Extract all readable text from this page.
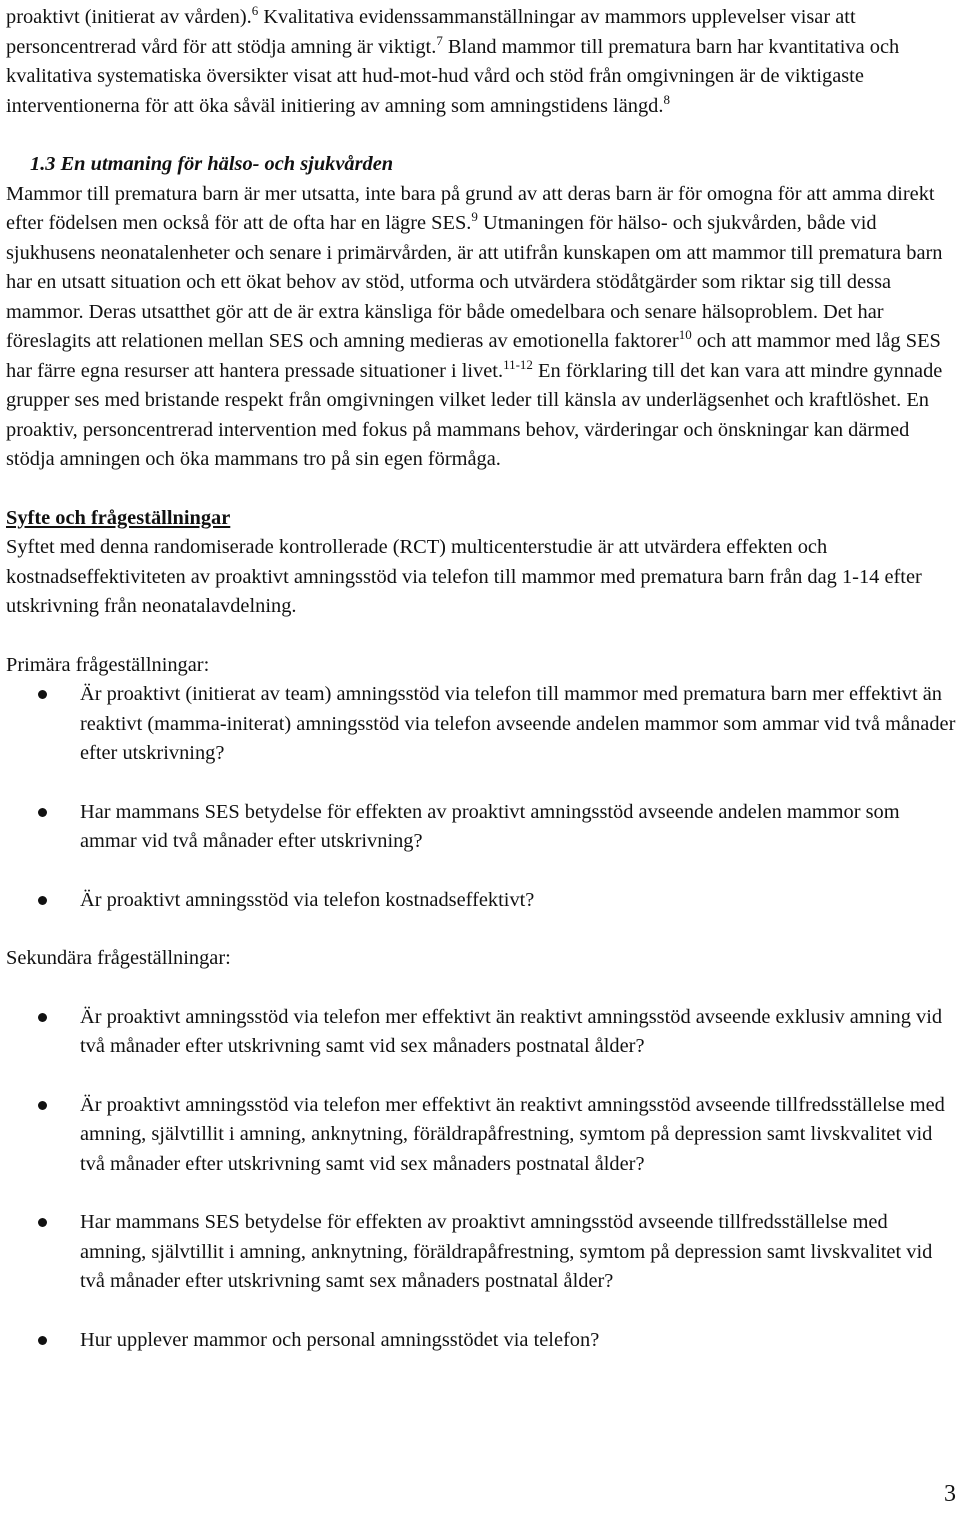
proaktivt (initierat av vården).$^6$ Kvalitativa evidenssammanställningar av mammors upplevelser visar att personcentrerad vård för att stödja amning är viktigt.$^7$ Bland mammor till prematura barn har kvantitativa och kvalitativa systematiska översikter visat att hud-mot-hud vård och stöd från omgivningen är de viktigaste interventionerna för att öka såväl initiering av amning som amningstidens längd.$^8$

1.3 En utmaning för hälso- och sjukvården

Mammor till prematura barn är mer utsatta, inte bara på grund av att deras barn är för omogna för att amma direkt efter födelsen men också för att de ofta har en lägre SES.$^9$ Utmaningen för hälso- och sjukvården, både vid sjukhusens neonatalenheter och senare i primärvården, är att utifrån kunskapen om att mammor till prematura barn har en utsatt situation och ett ökat behov av stöd, utforma och utvärdera stödåtgärder som riktar sig till dessa mammor. Deras utsatthet gör att de är extra känsliga för både omedelbara och senare hälsoproblem. Det har föreslagits att relationen mellan SES och amning medieras av emotionella faktorer$^{10}$ och att mammor med låg SES har färre egna resurser att hantera pressade situationer i livet.$^{11-12}$ En förklaring till det kan vara att mindre gynnade grupper ses med bristande respekt från omgivningen vilket leder till känsla av underlägsenhet och kraftlöshet. En proaktiv, personcentrerad intervention med fokus på mammans behov, värderingar och önskningar kan därmed stödja amningen och öka mammans tro på sin egen förmåga.

Syfte och frågeställningar

Syftet med denna randomiserade kontrollerade (RCT) multicenterstudie är att utvärdera effekten och kostnadseffektiviteten av proaktivt amningsstöd via telefon till mammor med prematura barn från dag 1-14 efter utskrivning från neonatalavdelning.

Primära frågeställningar:

Är proaktivt (initierat av team) amningsstöd via telefon till mammor med prematura barn mer effektivt än reaktivt (mamma-initerat) amningsstöd via telefon avseende andelen mammor som ammar vid två månader efter utskrivning?
Har mammans SES betydelse för effekten av proaktivt amningsstöd avseende andelen mammor som ammar vid två månader efter utskrivning?
Är proaktivt amningsstöd via telefon kostnadseffektivt?

Sekundära frågeställningar:

Är proaktivt amningsstöd via telefon mer effektivt än reaktivt amningsstöd avseende exklusiv amning vid två månader efter utskrivning samt vid sex månaders postnatal ålder?
Är proaktivt amningsstöd via telefon mer effektivt än reaktivt amningsstöd avseende tillfredsställelse med amning, självtillit i amning, anknytning, föräldrapåfrestning, symtom på depression samt livskvalitet vid två månader efter utskrivning samt vid sex månaders postnatal ålder?
Har mammans SES betydelse för effekten av proaktivt amningsstöd avseende tillfredsställelse med amning, självtillit i amning, anknytning, föräldrapåfrestning, symtom på depression samt livskvalitet vid två månader efter utskrivning samt sex månaders postnatal ålder?
Hur upplever mammor och personal amningsstödet via telefon?
3
